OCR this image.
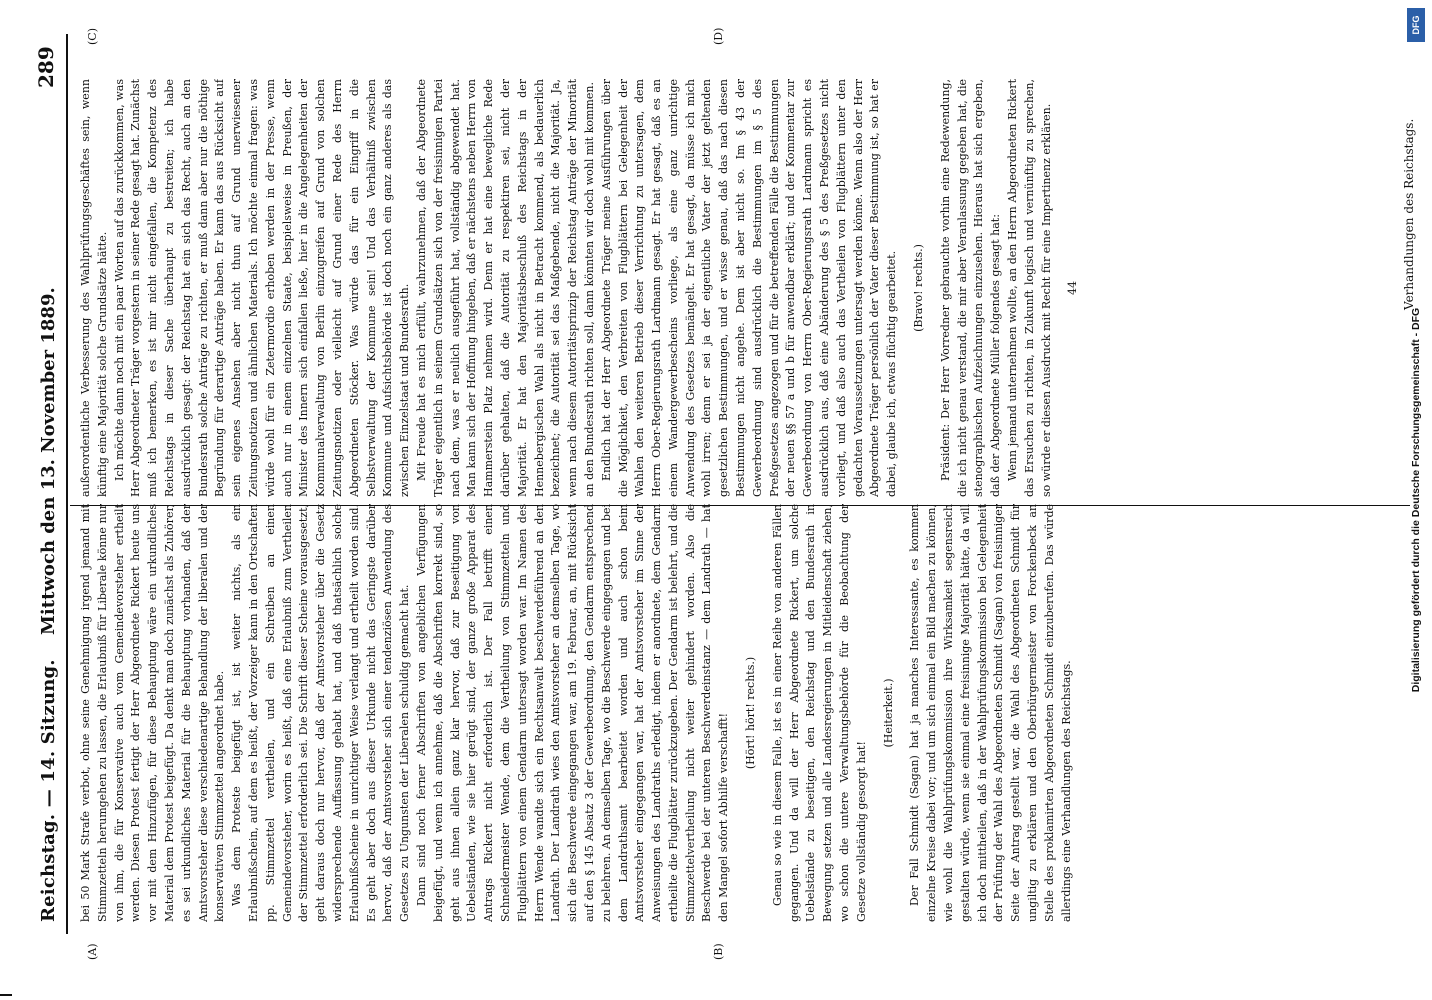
Reichstag. — 14. Sitzung.
Mittwoch den 13. November 1889.
289
(A)	(B)
(C)	(D)

bei 50 Mark Strafe verbot, ohne seine Genehmigung irgend jemand mit Stimmzetteln herumgehen zu lassen, die Erlaubniß für Liberale könne nur von ihm, die für Konservative auch vom Gemeindevorsteher ertheilt werden. Diesen Protest fertigt der Herr Abgeordnete Rickert heute uns vor mit dem Hinzufügen, für diese Behauptung wäre ein urkundliches Material dem Protest beigefügt. Da denkt man doch zunächst als Zuhörer, es sei urkundliches Material für die Behauptung vorhanden, daß der Amtsvorsteher diese verschiedenartige Behandlung der liberalen und der konservativen Stimmzettel angeordnet habe. Was dem Proteste beigefügt ist, ist weiter nichts, als ein Erlaubnißschein, auf dem es heißt, der Vorzeiger kann in den Ortschaften pp. Stimmzettel vertheilen, und ein Schreiben an einen Gemeindevorsteher, worin es heißt, daß eine Erlaubniß zum Vertheilen der Stimmzettel erforderlich sei. Die Schrift dieser Scheine vorausgesetzt, geht daraus doch nur hervor, daß der Amtsvorsteher über die Gesetz widersprechende Auffassung gehabt hat, und daß thatsächlich solche Erlaubnißscheine in unrichtiger Weise verlangt und ertheilt worden sind. Es geht aber doch aus dieser Urkunde nicht das Geringste darüber hervor, daß der Amtsvorsteher sich einer tendenziösen Anwendung des Gesetzes zu Ungunsten der Liberalen schuldig gemacht hat. Dann sind noch ferner Abschriften von angeblichen Verfügungen beigefügt, und wenn ich annehme, daß die Abschriften korrekt sind, so geht aus ihnen allein ganz klar hervor, daß zur Beseitigung von Uebelständen, wie sie hier gerügt sind, der ganze große Apparat des Antrags Rickert nicht erforderlich ist. Der Fall betrifft einen Schneidermeister Wende, dem die Vertheilung von Stimmzetteln und Flugblättern von einem Gendarm untersagt worden war. Im Namen des Herrn Wende wandte sich ein Rechtsanwalt beschwerdeführend an den Landrath. Der Landrath wies den Amtsvorsteher an demselben Tage, wo sich die Beschwerde eingegangen war, am 19. Februar, an, mit Rücksicht auf den § 145 Absatz 3 der Gewerbeordnung, den Gendarm entsprechend zu belehren. An demselben Tage, wo die Beschwerde eingegangen und bei dem Landrathsamt bearbeitet worden und auch schon beim Amtsvorsteher eingegangen war, hat der Amtsvorsteher im Sinne der Anweisungen des Landraths erledigt, indem er anordnete, dem Gendarm ertheilte die Flugblätter zurückzugeben. Der Gendarm ist belehrt, und die Stimmzettelvertheilung nicht weiter gehindert worden. Also die Beschwerde bei der unteren Beschwerdeinstanz — dem Landrath — hat den Mangel sofort Abhilfe verschafft! (Hört! hört! rechts.) Genau so wie in diesem Falle, ist es in einer Reihe von anderen Fällen gegangen. Und da will der Herr Abgeordnete Rickert, um solche Uebelstände zu beseitigen, den Reichstag und den Bundesrath in Bewegung setzen und alle Landesregierungen in Mitleidenschaft ziehen, wo schon die untere Verwaltungsbehörde für die Beobachtung der Gesetze vollständig gesorgt hat!

(Heiterkeit.) Der Fall Schmidt (Sagan) hat ja manches Interessante, es kommen einzelne Kreise dabei vor; und um sich einmal ein Bild machen zu können, wie wohl die Wahlprüfungskommission ihre Wirksamkeit segensreich gestalten würde, wenn sie einmal eine freisinnige Majorität hätte, da will ich doch mittheilen, daß in der Wahlprüfungskommission bei Gelegenheit der Prüfung der Wahl des Abgeordneten Schmidt (Sagan) von freisinniger Seite der Antrag gestellt war, die Wahl des Abgeordneten Schmidt für ungiltig zu erklären und den Oberbürgermeister von Forckenbeck an Stelle des proklamirten Abgeordneten Schmidt einzuberufen. Das würde allerdings eine Verhandlungen des Reichstags.

außerordentliche Verbesserung des Wahlprüfungsgeschäftes sein, wenn künftig eine Majorität solche Grundsätze hätte. Ich möchte dann noch mit ein paar Worten auf das zurückkommen, was Herr Abgeordneter Träger vorgestern in seiner Rede gesagt hat. Zunächst muß ich bemerken, es ist mir nicht eingefallen, die Kompetenz des Reichstags in dieser Sache überhaupt zu bestreiten; ich habe ausdrücklich gesagt: der Reichstag hat ein sich das Recht, auch an den Bundesrath solche Anträge zu richten, er muß dann aber nur die nöthige Begründung für derartige Anträge haben. Er kann das aus Rücksicht auf sein eigenes Ansehen aber nicht thun auf Grund unerwiesener Zeitungsnotizen und ähnlichen Materials. Ich möchte einmal fragen: was würde wohl für ein Zetermordio erhoben werden in der Presse, wenn auch nur in einem einzelnen Staate, beispielsweise in Preußen, der Minister des Innern sich einfallen ließe, hier in die Angelegenheiten der Kommunalverwaltung von Berlin einzugreifen auf Grund von solchen Zeitungsnotizen oder vielleicht auf Grund einer Rede des Herrn Abgeordneten Stöcker. Was würde das für ein Eingriff in die Selbstverwaltung der Kommune sein! Und das Verhältniß zwischen Kommune und Aufsichtsbehörde ist doch noch ein ganz anderes als das zwischen Einzelstaat und Bundesrath. Mit Freude hat es mich erfüllt, wahrzunehmen, daß der Abgeordnete Träger eigentlich in seinem Grundsätzen sich von der freisinnigen Partei nach dem, was er neulich ausgeführt hat, vollständig abgewendet hat. Man kann sich der Hoffnung hingeben, daß er nächstens neben Herrn von Hammerstein Platz nehmen wird. Denn er hat eine bewegliche Rede darüber gehalten, daß die Autorität zu respektiren sei, nicht der Majorität. Er hat den Majoritätsbeschluß des Reichstags in der Hennebergischen Wahl als nicht in Betracht kommend, als bedauerlich bezeichnet; die Autorität sei das Maßgebende, nicht die Majorität. Ja, wenn nach diesem Autoritätsprinzip der Reichstag Anträge der Minorität an den Bundesrath richten soll, dann könnten wir doch wohl mit kommen. Endlich hat der Herr Abgeordnete Träger meine Ausführungen über die Möglichkeit, den Verbreiten von Flugblättern bei Gelegenheit der Wahlen den weiteren Betrieb dieser Verrichtung zu untersagen, dem Herrn Ober-Regierungsrath Lardmann gesagt. Er hat gesagt, daß es an einem Wandergewerbescheins vorliege, als eine ganz unrichtige Anwendung des Gesetzes bemängelt. Er hat gesagt, da müsse ich mich wohl irren; denn er sei ja der eigentliche Vater der jetzt geltenden gesetzlichen Bestimmungen, und er wisse genau, daß das nach diesen Bestimmungen nicht angehe. Dem ist aber nicht so. Im § 43 der Gewerbeordnung sind ausdrücklich die Bestimmungen im § 5 des Preßgesetzes angezogen und für die betreffenden Fälle die Bestimmungen der neuen §§ 57 a und b für anwendbar erklärt; und der Kommentar zur Gewerbeordnung von Herrn Ober-Regierungsrath Lardmann spricht es ausdrücklich aus, daß eine Abänderung des § 5 des Preßgesetzes nicht vorliegt, und daß also auch das Vertheilen von Flugblättern unter den gedachten Voraussetzungen untersagt werden könne. Wenn also der Herr Abgeordnete Träger persönlich der Vater dieser Bestimmung ist, so hat er dabei, glaube ich, etwas flüchtig gearbeitet. (Bravo! rechts.) Präsident: Der Herr Vorredner gebrauchte vorhin eine Redewendung, die ich nicht genau verstand, die mir aber Veranlassung gegeben hat, die stenographischen Aufzeichnungen einzusehen. Hieraus hat sich ergeben, daß der Abgeordnete Müller folgendes gesagt hat: Wenn jemand unternehmen wollte, an den Herrn Abgeordneten Rickert das Ersuchen zu richten, in Zukunft logisch und vernünftig zu sprechen, so würde er diesen Ausdruck mit Recht für eine Impertinenz erklären. 44	Verhandlungen des Reichstags.
DFG
Digitalisierung gefördert durch die Deutsche Forschungsgemeinschaft - DFG
